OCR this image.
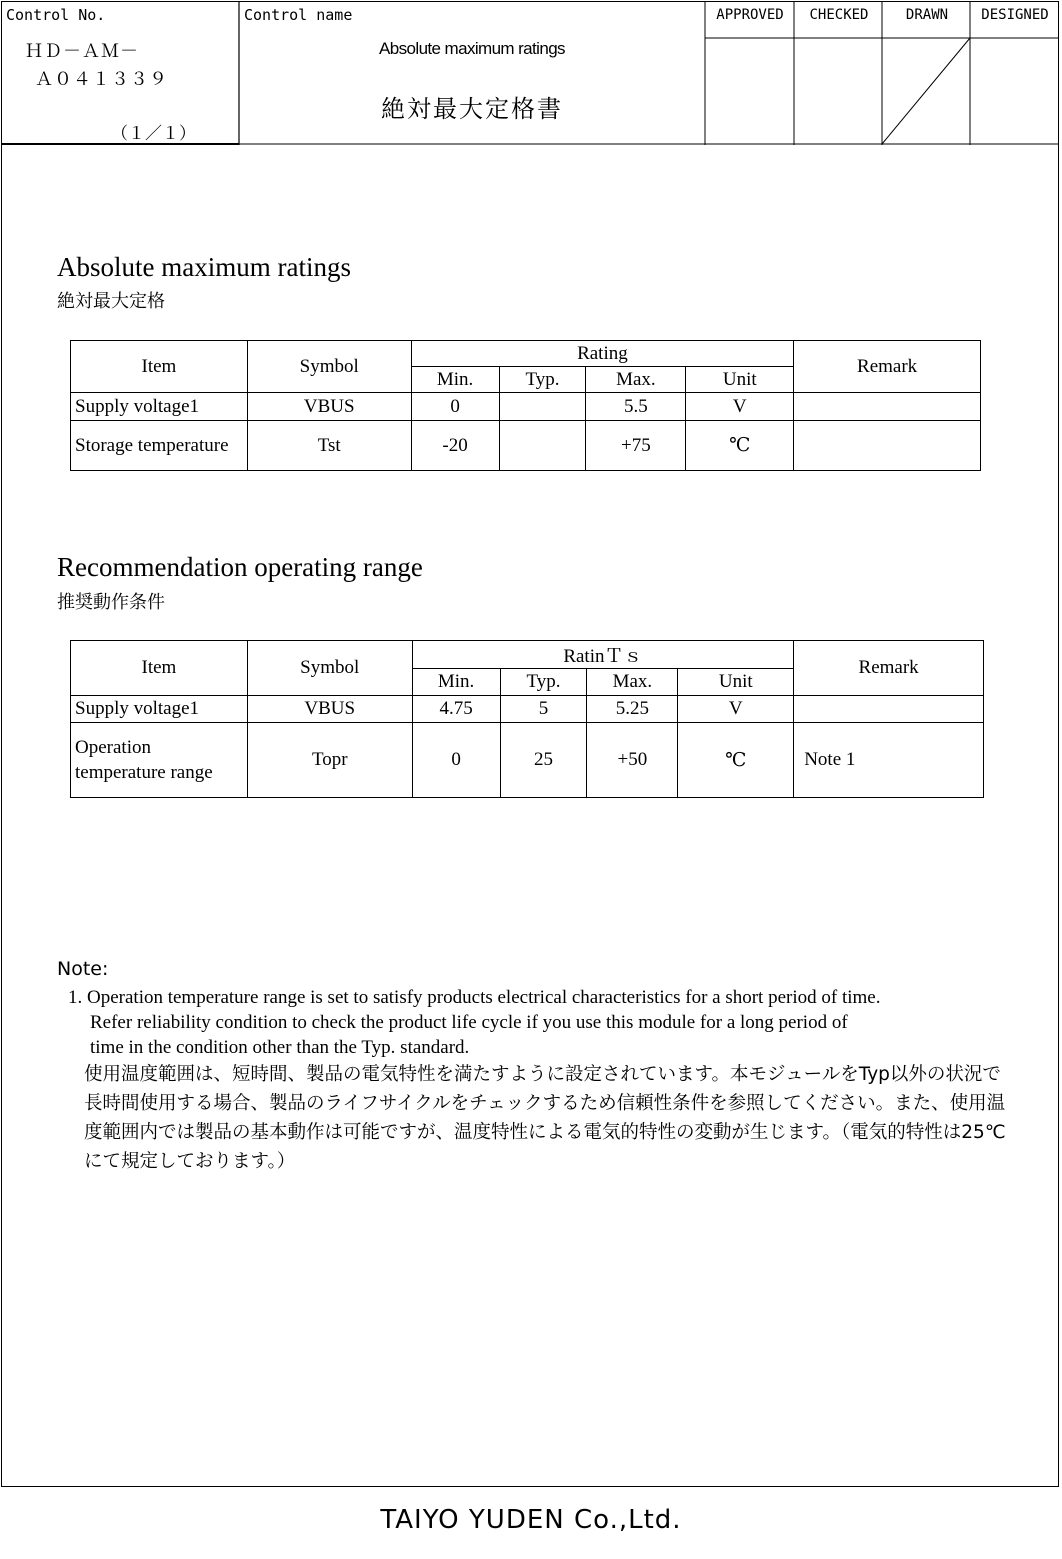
Control No.
ＨＤ－ＡＭ－
Ａ０４１３３９
（１／１）
Control name
Absolute maximum ratings
絶対最大定格書
APPROVED	CHECKED	DRAWN	DESIGNED
Absolute maximum ratings
絶対最大定格
Item	Symbol	Rating				Remark
		Min.	Typ.	Max.	Unit	
Supply voltage1	VBUS	0		5.5	V	
Storage temperature	Tst	-20		+75	℃	
Recommendation operating range
推奨動作条件
Item	Symbol	RatinＴｓ				Remark
		Min.	Typ.	Max.	Unit	
Supply voltage1	VBUS	4.75	5	5.25	V	
Operation temperature range	Topr	0	25	+50	℃	Note 1
Note:
1. Operation temperature range is set to satisfy products electrical characteristics for a short period of time.
Refer reliability condition to check the product life cycle if you use this module for a long period of
time in the condition other than the Typ. standard.
使用温度範囲は、短時間、製品の電気特性を満たすように設定されています。本モジュールをTyp以外の状況で長時間使用する場合、製品のライフサイクルをチェックするため信頼性条件を参照してください。また、使用温度範囲内では製品の基本動作は可能ですが、温度特性による電気的特性の変動が生じます。（電気的特性は25℃にて規定しております。）
TAIYO YUDEN Co.,Ltd.
